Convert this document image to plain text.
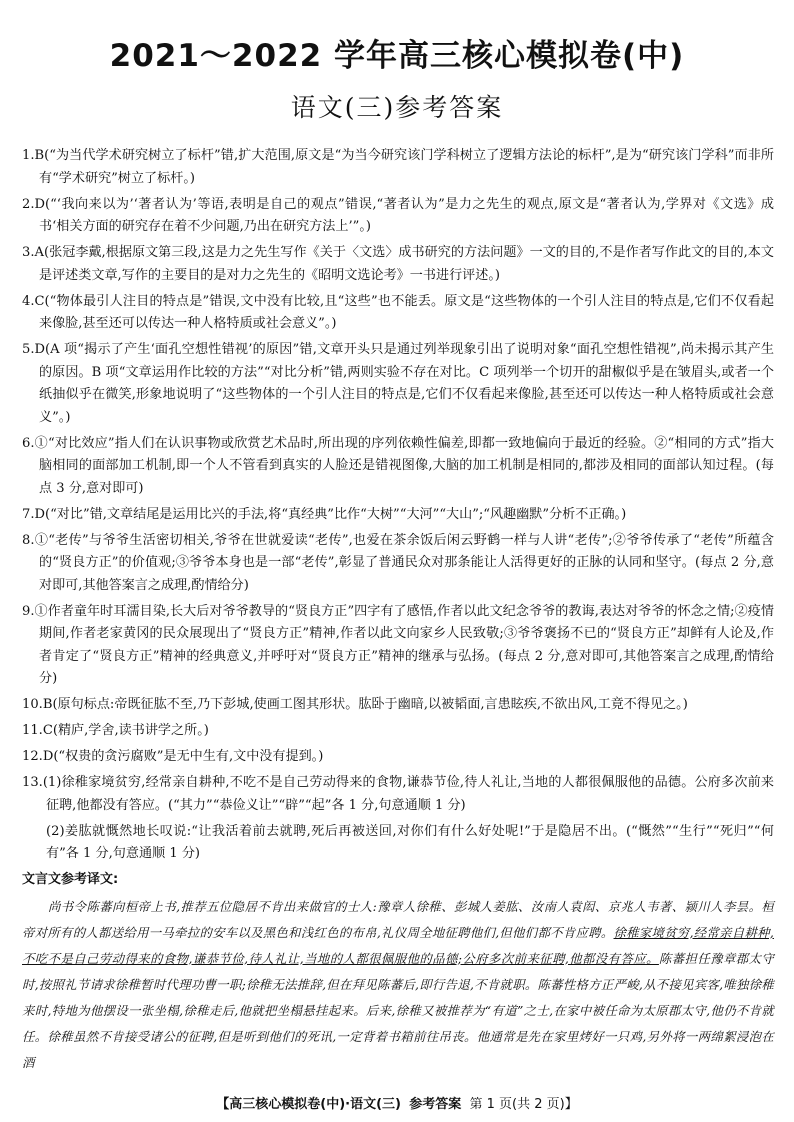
2021～2022 学年高三核心模拟卷(中)
语文(三)参考答案

1.B(“为当代学术研究树立了标杆”错,扩大范围,原文是“为当今研究该门学科树立了逻辑方法论的标杆”,是为“研究该门学科”而非所有“学术研究”树立了标杆。)

2.D(“‘我向来以为’‘著者认为’等语,表明是自己的观点”错误,“著者认为”是力之先生的观点,原文是“著者认为,学界对《文选》成书‘相关方面的研究存在着不少问题,乃出在研究方法上’”。)

3.A(张冠李戴,根据原文第三段,这是力之先生写作《关于〈文选〉成书研究的方法问题》一文的目的,不是作者写作此文的目的,本文是评述类文章,写作的主要目的是对力之先生的《昭明文选论考》一书进行评述。)

4.C(“物体最引人注目的特点是”错误,文中没有比较,且“这些”也不能丢。原文是“这些物体的一个引人注目的特点是,它们不仅看起来像脸,甚至还可以传达一种人格特质或社会意义”。)

5.D(A 项“揭示了产生‘面孔空想性错视’的原因”错,文章开头只是通过列举现象引出了说明对象“面孔空想性错视”,尚未揭示其产生的原因。B 项“文章运用作比较的方法”“对比分析”错,两则实验不存在对比。C 项列举一个切开的甜椒似乎是在皱眉头,或者一个纸抽似乎在微笑,形象地说明了“这些物体的一个引人注目的特点是,它们不仅看起来像脸,甚至还可以传达一种人格特质或社会意义”。)

6.①“对比效应”指人们在认识事物或欣赏艺术品时,所出现的序列依赖性偏差,即都一致地偏向于最近的经验。②“相同的方式”指大脑相同的面部加工机制,即一个人不管看到真实的人脸还是错视图像,大脑的加工机制是相同的,都涉及相同的面部认知过程。(每点 3 分,意对即可)

7.D(“对比”错,文章结尾是运用比兴的手法,将“真经典”比作“大树”“大河”“大山”;“风趣幽默”分析不正确。)

8.①“老传”与爷爷生活密切相关,爷爷在世就爱读“老传”,也爱在茶余饭后闲云野鹤一样与人讲“老传”;②爷爷传承了“老传”所蕴含的“贤良方正”的价值观;③爷爷本身也是一部“老传”,彰显了普通民众对那条能让人活得更好的正脉的认同和坚守。(每点 2 分,意对即可,其他答案言之成理,酌情给分)

9.①作者童年时耳濡目染,长大后对爷爷教导的“贤良方正”四字有了感悟,作者以此文纪念爷爷的教诲,表达对爷爷的怀念之情;②疫情期间,作者老家黄冈的民众展现出了“贤良方正”精神,作者以此文向家乡人民致敬;③爷爷褒扬不已的“贤良方正”却鲜有人论及,作者肯定了“贤良方正”精神的经典意义,并呼吁对“贤良方正”精神的继承与弘扬。(每点 2 分,意对即可,其他答案言之成理,酌情给分)

10.B(原句标点:帝既征肱不至,乃下彭城,使画工图其形状。肱卧于幽暗,以被韬面,言患眩疾,不欲出风,工竟不得见之。)

11.C(精庐,学舍,读书讲学之所。)

12.D(“权贵的贪污腐败”是无中生有,文中没有提到。)

13.(1)徐稚家境贫穷,经常亲自耕种,不吃不是自己劳动得来的食物,谦恭节俭,待人礼让,当地的人都很佩服他的品德。公府多次前来征聘,他都没有答应。(“其力”“恭俭义让”“辟”“起”各 1 分,句意通顺 1 分)

(2)姜肱就慨然地长叹说:“让我活着前去就聘,死后再被送回,对你们有什么好处呢!”于是隐居不出。(“慨然”“生行”“死归”“何有”各 1 分,句意通顺 1 分)

文言文参考译文:

尚书令陈蕃向桓帝上书,推荐五位隐居不肯出来做官的士人:豫章人徐稚、彭城人姜肱、汝南人袁闳、京兆人韦著、颍川人李昙。桓帝对所有的人都送给用一马牵拉的安车以及黑色和浅红色的布帛,礼仪周全地征聘他们,但他们都不肯应聘。徐稚家境贫穷,经常亲自耕种,不吃不是自己劳动得来的食物,谦恭节俭,待人礼让,当地的人都很佩服他的品德;公府多次前来征聘,他都没有答应。陈蕃担任豫章郡太守时,按照礼节请求徐稚暂时代理功曹一职;徐稚无法推辞,但在拜见陈蕃后,即行告退,不肯就职。陈蕃性格方正严峻,从不接见宾客,唯独徐稚来时,特地为他摆设一张坐榻,徐稚走后,他就把坐榻悬挂起来。后来,徐稚又被推荐为“有道”之士,在家中被任命为太原郡太守,他仍不肯就任。徐稚虽然不肯接受诸公的征聘,但是听到他们的死讯,一定背着书箱前往吊丧。他通常是先在家里烤好一只鸡,另外将一两绵絮浸泡在酒

【高三核心模拟卷(中)·语文(三) 参考答案 第 1 页(共 2 页)】
